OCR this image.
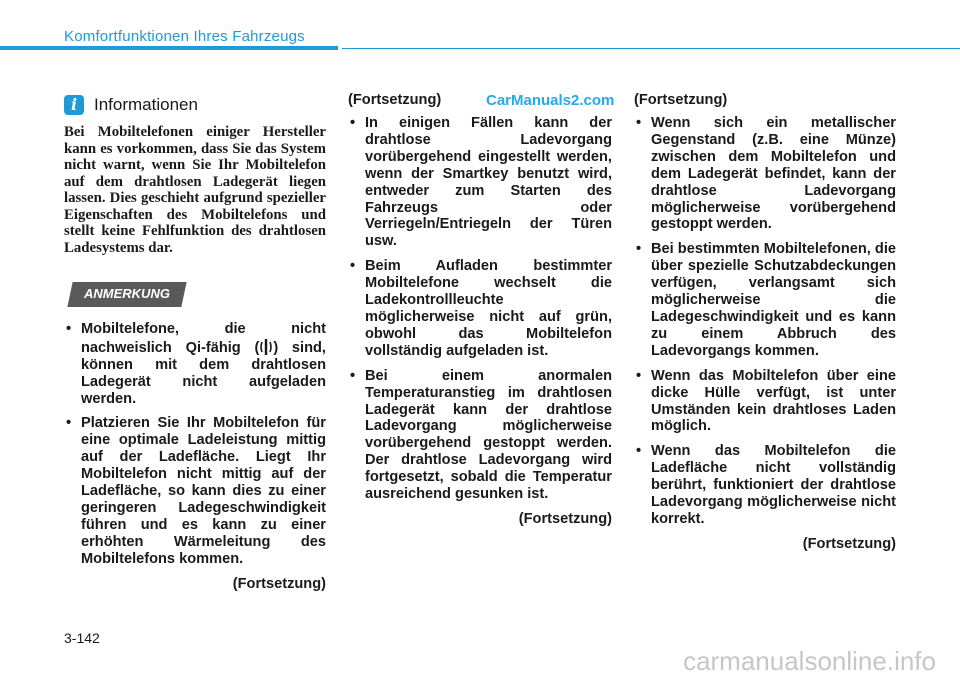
Komfortfunktionen Ihres Fahrzeugs
i Informationen

Bei Mobiltelefonen einiger Hersteller kann es vorkommen, dass Sie das System nicht warnt, wenn Sie Ihr Mobiltelefon auf dem drahtlosen Ladegerät liegen lassen. Dies geschieht aufgrund spezieller Eigenschaften des Mobiltelefons und stellt keine Fehlfunktion des drahtlosen Ladesystems dar.

ANMERKUNG
• Mobiltelefone, die nicht nachweislich Qi-fähig ( ) sind, können mit dem drahtlosen Ladegerät nicht aufgeladen werden.
• Platzieren Sie Ihr Mobiltelefon für eine optimale Ladeleistung mittig auf der Ladefläche. Liegt Ihr Mobiltelefon nicht mittig auf der Ladefläche, so kann dies zu einer geringeren Ladegeschwindigkeit führen und es kann zu einer erhöhten Wärmeleitung des Mobiltelefons kommen.
(Fortsetzung)
(Fortsetzung)
• In einigen Fällen kann der drahtlose Ladevorgang vorübergehend eingestellt werden, wenn der Smartkey benutzt wird, entweder zum Starten des Fahrzeugs oder Verriegeln/Entriegeln der Türen usw.
• Beim Aufladen bestimmter Mobiltelefone wechselt die Ladekontrollleuchte möglicherweise nicht auf grün, obwohl das Mobiltelefon vollständig aufgeladen ist.
• Bei einem anormalen Temperaturanstieg im drahtlosen Ladegerät kann der drahtlose Ladevorgang möglicherweise vorübergehend gestoppt werden. Der drahtlose Ladevorgang wird fortgesetzt, sobald die Temperatur ausreichend gesunken ist.
(Fortsetzung)
(Fortsetzung)
• Wenn sich ein metallischer Gegenstand (z.B. eine Münze) zwischen dem Mobiltelefon und dem Ladegerät befindet, kann der drahtlose Ladevorgang möglicherweise vorübergehend gestoppt werden.
• Bei bestimmten Mobiltelefonen, die über spezielle Schutzabdeckungen verfügen, verlangsamt sich möglicherweise die Ladegeschwindigkeit und es kann zu einem Abbruch des Ladevorgangs kommen.
• Wenn das Mobiltelefon über eine dicke Hülle verfügt, ist unter Umständen kein drahtloses Laden möglich.
• Wenn das Mobiltelefon die Ladefläche nicht vollständig berührt, funktioniert der drahtlose Ladevorgang möglicherweise nicht korrekt.
(Fortsetzung)
CarManuals2.com
3-142
carmanualsonline.info
